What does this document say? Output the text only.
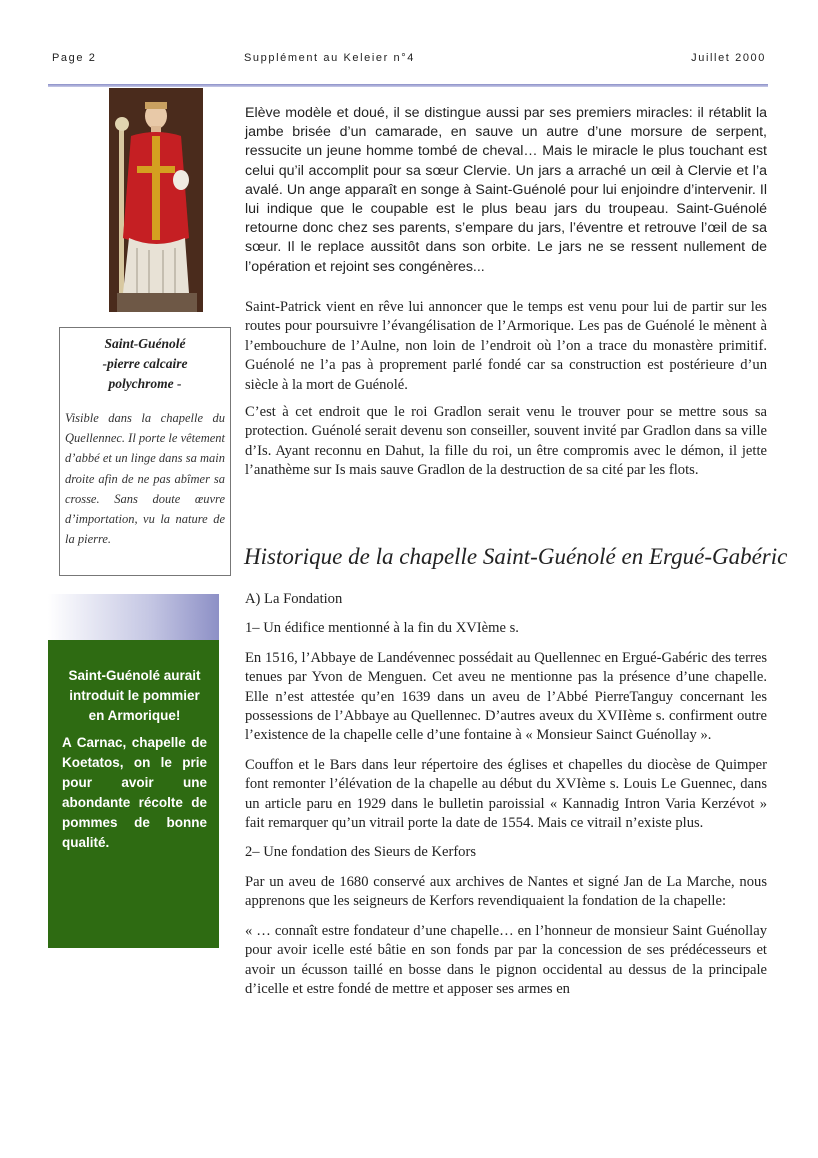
Page 2	Supplément au Keleier n°4	Juillet 2000

Saint-Guénolé
-pierre calcaire
polychrome -

Visible dans la chapelle du Quellennec. Il porte le vêtement d’abbé et un linge dans sa main droite afin de ne pas abîmer sa crosse. Sans doute œuvre d’importation, vu la nature de la pierre.

Saint-Guénolé aurait introduit le pommier en Armorique!

A Carnac, chapelle de Koetatos, on le prie pour avoir une abondante récolte de pommes de bonne qualité.

Elève modèle et doué, il se distingue aussi par ses premiers miracles: il rétablit la jambe brisée d’un camarade, en sauve un autre d’une morsure de serpent, ressucite un jeune homme tombé de cheval… Mais le miracle le plus touchant est celui qu’il accomplit pour sa sœur Clervie. Un jars a arraché un œil à Clervie et l’a avalé. Un ange apparaît en songe à Saint-Guénolé pour lui enjoindre d’intervenir. Il lui indique que le coupable est le plus beau jars du troupeau. Saint-Guénolé retourne donc chez ses parents, s’empare du jars, l’éventre et retrouve l’œil de sa sœur. Il le replace aussitôt dans son orbite. Le jars ne se ressent nullement de l’opération et rejoint ses congénères...

Saint-Patrick vient en rêve lui annoncer que le temps est venu pour lui de partir sur les routes pour poursuivre l’évangélisation de l’Armorique. Les pas de Guénolé le mènent à l’embouchure de l’Aulne, non loin de l’endroit où l’on a trace du monastère primitif. Guénolé ne l’a pas à proprement parlé fondé car sa construction est postérieure d’un siècle à la mort de Guénolé.

C’est à cet endroit que le roi Gradlon serait venu le trouver pour se mettre sous sa protection. Guénolé serait devenu son conseiller, souvent invité par Gradlon dans sa ville d’Is. Ayant reconnu en Dahut, la fille du roi, un être compromis avec le démon, il jette l’anathème sur Is mais sauve Gradlon de la destruction de sa cité par les flots.

Historique de la chapelle Saint-Guénolé en Ergué-Gabéric

A) La Fondation

1– Un édifice mentionné à la fin du XVIème s.

En 1516, l’Abbaye de Landévennec possédait au Quellennec en Ergué-Gabéric des terres tenues par Yvon de Menguen. Cet aveu ne mentionne pas la présence d’une chapelle. Elle n’est attestée qu’en 1639 dans un aveu de l’Abbé PierreTanguy concernant les possessions de l’Abbaye au Quellennec. D’autres aveux du XVIIème s. confirment outre l’existence de la chapelle celle d’une fontaine à « Monsieur Sainct Guénollay ».

Couffon et le Bars dans leur répertoire des églises et chapelles du diocèse de Quimper font remonter l’élévation de la chapelle au début du XVIème s. Louis Le Guennec, dans un article paru en 1929 dans le bulletin paroissial « Kannadig Intron Varia Kerzévot » fait remarquer qu’un vitrail porte la date de 1554. Mais ce vitrail n’existe plus.

2– Une fondation des Sieurs de Kerfors

Par un aveu de 1680 conservé aux archives de Nantes et signé Jan de La Marche, nous apprenons que les seigneurs de Kerfors revendiquaient la fondation de la chapelle:

« … connaît estre fondateur d’une chapelle… en l’honneur de monsieur Saint Guénollay pour avoir icelle esté bâtie en son fonds par par la concession de ses prédécesseurs et avoir un écusson taillé en bosse dans le pignon occidental au dessus de la principale d’icelle et estre fondé de mettre et apposer ses armes en
